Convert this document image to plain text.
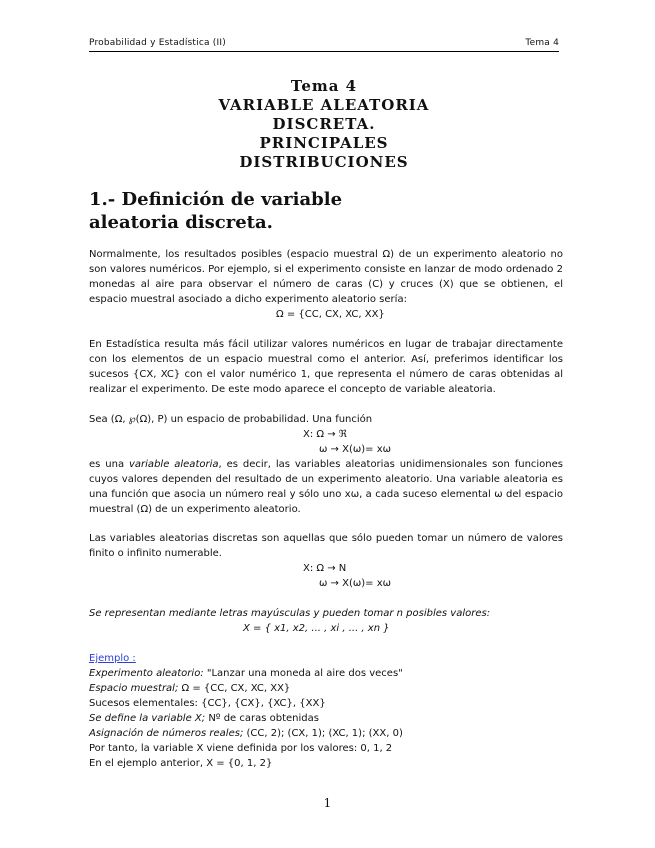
Probabilidad y Estadística (II)	Tema 4
Tema 4
VARIABLE ALEATORIA
DISCRETA.
PRINCIPALES
DISTRIBUCIONES
1.- Definición de variable
aleatoria discreta.
Normalmente, los resultados posibles (espacio muestral Ω) de un experimento aleatorio no son valores numéricos. Por ejemplo, si el experimento consiste en lanzar de modo ordenado 2 monedas al aire para observar el número de caras (C) y cruces (X) que se obtienen, el espacio muestral asociado a dicho experimento aleatorio sería:
Ω = {CC, CX, XC, XX}
En Estadística resulta más fácil utilizar valores numéricos en lugar de trabajar directamente con los elementos de un espacio muestral como el anterior. Así, preferimos identificar los sucesos {CX, XC} con el valor numérico 1, que representa el número de caras obtenidas al realizar el experimento. De este modo aparece el concepto de variable aleatoria.
Sea (Ω, ℘(Ω), P) un espacio de probabilidad. Una función
X: Ω → ℜ
ω → X(ω)= xω
es una variable aleatoria, es decir, las variables aleatorias unidimensionales son funciones cuyos valores dependen del resultado de un experimento aleatorio. Una variable aleatoria es una función que asocia un número real y sólo uno xω, a cada suceso elemental ω del espacio muestral (Ω) de un experimento aleatorio.
Las variables aleatorias discretas son aquellas que sólo pueden tomar un número de valores finito o infinito numerable.
X: Ω → N
ω → X(ω)= xω
Se representan mediante letras mayúsculas y pueden tomar n posibles valores:
X = { x1, x2, ... , xi , ... , xn }
Ejemplo :
Experimento aleatorio: "Lanzar una moneda al aire dos veces"
Espacio muestral; Ω = {CC, CX, XC, XX}
Sucesos elementales: {CC}, {CX}, {XC}, {XX}
Se define la variable X; Nº de caras obtenidas
Asignación de números reales; (CC, 2); (CX, 1); (XC, 1); (XX, 0)
Por tanto, la variable X viene definida por los valores: 0, 1, 2
En el ejemplo anterior, X = {0, 1, 2}
1
